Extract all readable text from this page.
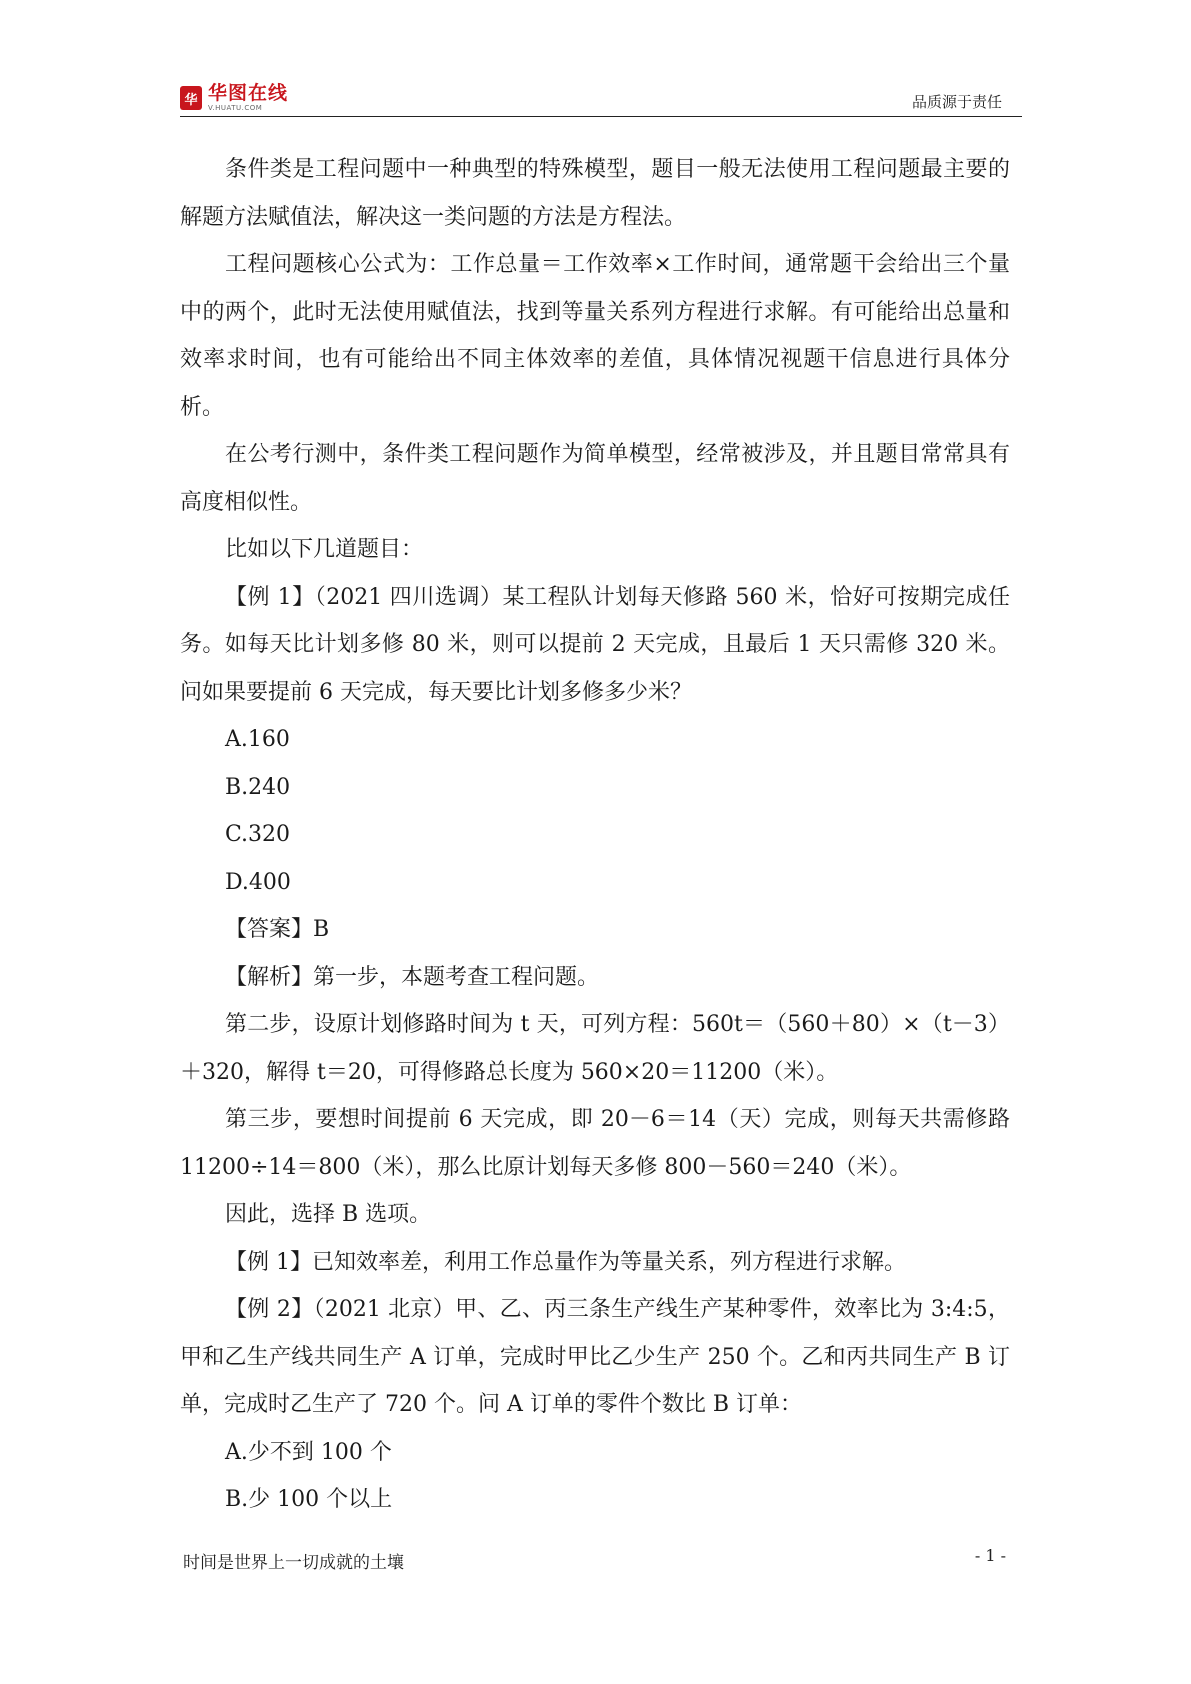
华 华图在线
V.HUATU.COM	品质源于责任

条件类是工程问题中一种典型的特殊模型，题目一般无法使用工程问题最主要的解题方法赋值法，解决这一类问题的方法是方程法。

工程问题核心公式为：工作总量＝工作效率×工作时间，通常题干会给出三个量中的两个，此时无法使用赋值法，找到等量关系列方程进行求解。有可能给出总量和效率求时间，也有可能给出不同主体效率的差值，具体情况视题干信息进行具体分析。

在公考行测中，条件类工程问题作为简单模型，经常被涉及，并且题目常常具有高度相似性。

比如以下几道题目：

【例 1】（2021 四川选调）某工程队计划每天修路 560 米，恰好可按期完成任务。如每天比计划多修 80 米，则可以提前 2 天完成，且最后 1 天只需修 320 米。问如果要提前 6 天完成，每天要比计划多修多少米？

A.160

B.240

C.320

D.400

【答案】B

【解析】第一步，本题考查工程问题。

第二步，设原计划修路时间为 t 天，可列方程：560t＝（560＋80）×（t－3）＋320，解得 t＝20，可得修路总长度为 560×20＝11200（米）。

第三步，要想时间提前 6 天完成，即 20－6＝14（天）完成，则每天共需修路 11200÷14＝800（米），那么比原计划每天多修 800－560＝240（米）。

因此，选择 B 选项。

【例 1】已知效率差，利用工作总量作为等量关系，列方程进行求解。

【例 2】（2021 北京）甲、乙、丙三条生产线生产某种零件，效率比为 3:4:5，甲和乙生产线共同生产 A 订单，完成时甲比乙少生产 250 个。乙和丙共同生产 B 订单，完成时乙生产了 720 个。问 A 订单的零件个数比 B 订单：

A.少不到 100 个

B.少 100 个以上

时间是世界上一切成就的土壤	- 1 -
